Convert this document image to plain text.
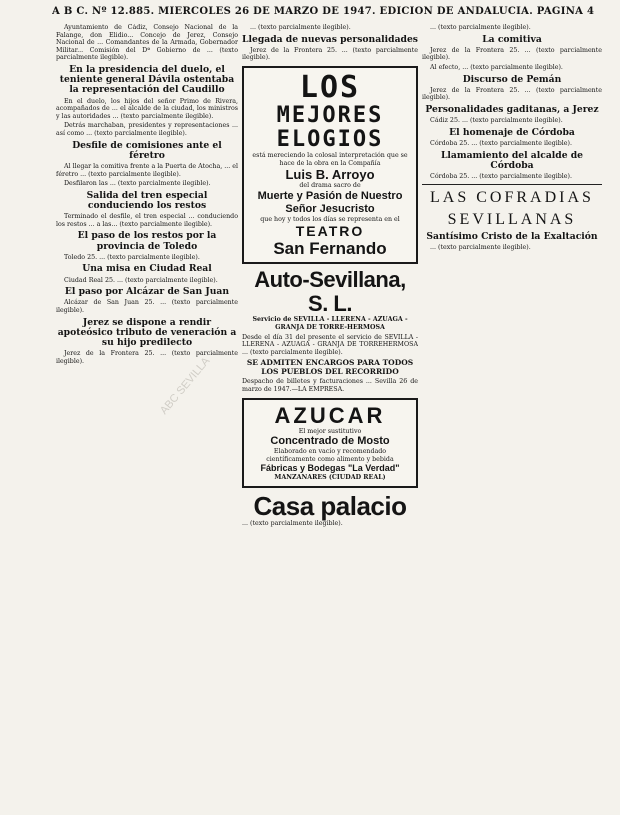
A B C. Nº 12.885. MIERCOLES 26 DE MARZO DE 1947. EDICION DE ANDALUCIA. PAGINA 4

Ayuntamiento de Cádiz, Consejo Nacional de la Falange, don Elidio... Concejo de Jerez, Consejo Nacional de ... Comandantes de la Armada, Gobernador Militar... Comisión del Dª Gobierno de ... (texto parcialmente ilegible).

En la presidencia del duelo, el teniente general Dávila ostentaba la representación del Caudillo

En el duelo, los hijos del señor Primo de Rivera, acompañados de ... el alcalde de la ciudad, los ministros y las autoridades ... (texto parcialmente ilegible).

Detrás marchaban, presidentes y representaciones ... así como ... (texto parcialmente ilegible).

Desfile de comisiones ante el féretro

Al llegar la comitiva frente a la Puerta de Atocha, ... el féretro ... (texto parcialmente ilegible).

Desfilaron las ... (texto parcialmente ilegible).

Salida del tren especial conduciendo los restos

Terminado el desfile, el tren especial ... conduciendo los restos ... a las... (texto parcialmente ilegible).

El paso de los restos por la provincia de Toledo

Toledo 25. ... (texto parcialmente ilegible).

Una misa en Ciudad Real

Ciudad Real 25. ... (texto parcialmente ilegible).

El paso por Alcázar de San Juan

Alcázar de San Juan 25. ... (texto parcialmente ilegible).

Jerez se dispone a rendir apoteósico tributo de veneración a su hijo predilecto

Jerez de la Frontera 25. ... (texto parcialmente ilegible).

... (texto parcialmente ilegible).

Llegada de nuevas personalidades

Jerez de la Frontera 25. ... (texto parcialmente ilegible).

LOS
MEJORES
ELOGIOS
está mereciendo la colosal interpretación que se hace de la obra en la Compañía
Luis B. Arroyo
del drama sacro de
Muerte y Pasión de Nuestro Señor Jesucristo
que hoy y todos los días se representa en el
TEATRO
San Fernando
Auto-Sevillana, S. L.

Servicio de SEVILLA - LLERENA - AZUAGA - GRANJA DE TORRE-HERMOSA

Desde el día 31 del presente el servicio de SEVILLA - LLERENA - AZUAGA - GRANJA DE TORREHERMOSA ... (texto parcialmente ilegible).

SE ADMITEN ENCARGOS PARA TODOS LOS PUEBLOS DEL RECORRIDO

Despacho de billetes y facturaciones ... Sevilla 26 de marzo de 1947.—LA EMPRESA.

AZUCAR
El mejor sustitutivo
Concentrado de Mosto
Elaborado en vacío y recomendado científicamente como alimento y bebida
Fábricas y Bodegas "La Verdad"
MANZANARES (CIUDAD REAL)
Casa palacio

... (texto parcialmente ilegible).

... (texto parcialmente ilegible).

La comitiva

Jerez de la Frontera 25. ... (texto parcialmente ilegible).

Al efecto, ... (texto parcialmente ilegible).

Discurso de Pemán

Jerez de la Frontera 25. ... (texto parcialmente ilegible).

Personalidades gaditanas, a Jerez

Cádiz 25. ... (texto parcialmente ilegible).

El homenaje de Córdoba

Córdoba 25. ... (texto parcialmente ilegible).

Llamamiento del alcalde de Córdoba

Córdoba 25. ... (texto parcialmente ilegible).

LAS COFRADIAS
SEVILLANAS
Santísimo Cristo de la Exaltación

... (texto parcialmente ilegible).

ABC SEVILLA
